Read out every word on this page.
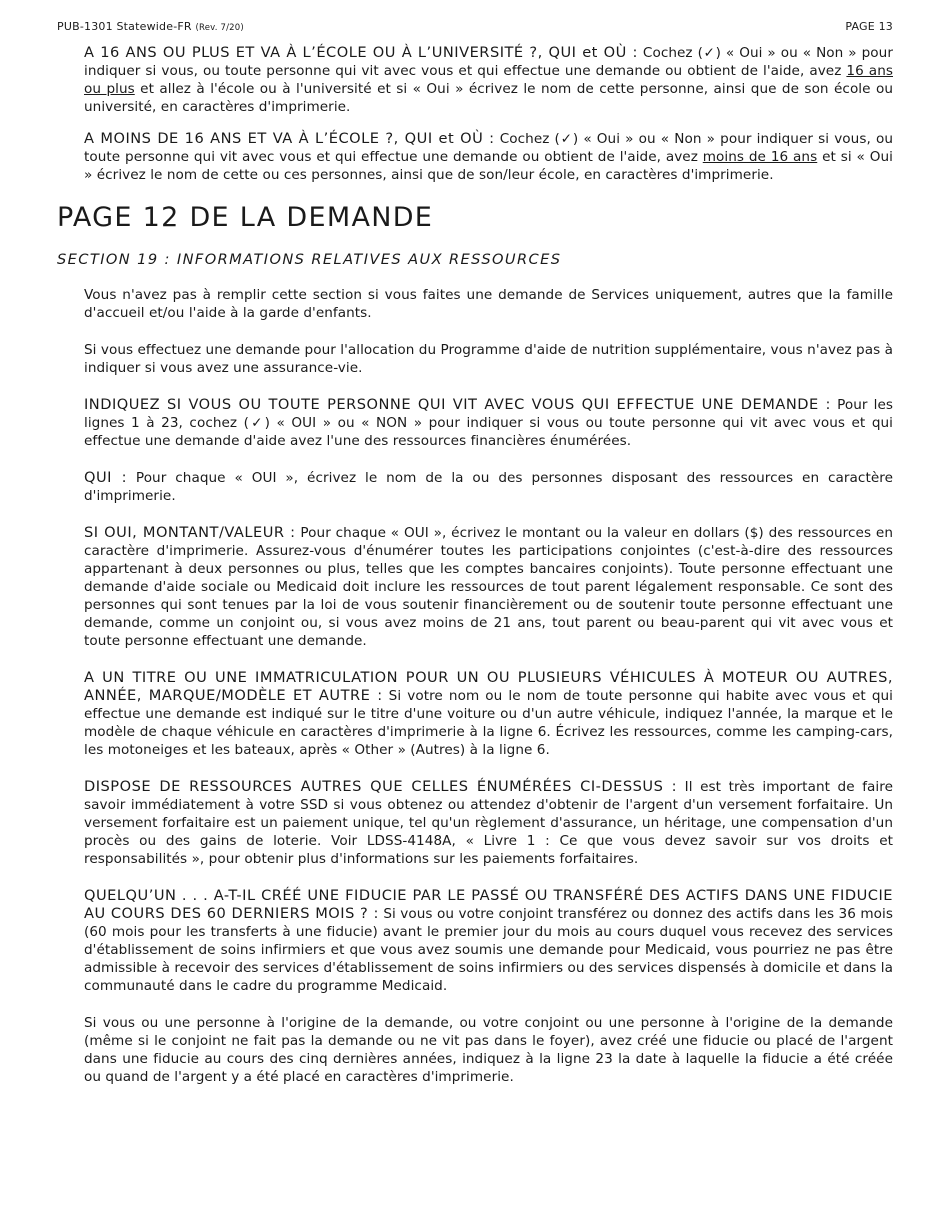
PUB-1301 Statewide-FR (Rev. 7/20)	PAGE 13

A 16 ANS OU PLUS ET VA À L’ÉCOLE OU À L’UNIVERSITÉ ?, QUI et OÙ : Cochez (✓) « Oui » ou « Non » pour indiquer si vous, ou toute personne qui vit avec vous et qui effectue une demande ou obtient de l'aide, avez 16 ans ou plus et allez à l'école ou à l'université et si « Oui » écrivez le nom de cette personne, ainsi que de son école ou université, en caractères d'imprimerie.

A MOINS DE 16 ANS ET VA À L’ÉCOLE ?, QUI et OÙ : Cochez (✓) « Oui » ou « Non » pour indiquer si vous, ou toute personne qui vit avec vous et qui effectue une demande ou obtient de l'aide, avez moins de 16 ans et si « Oui » écrivez le nom de cette ou ces personnes, ainsi que de son/leur école, en caractères d'imprimerie.

PAGE 12 DE LA DEMANDE
SECTION 19 : INFORMATIONS RELATIVES AUX RESSOURCES

Vous n'avez pas à remplir cette section si vous faites une demande de Services uniquement, autres que la famille d'accueil et/ou l'aide à la garde d'enfants.

Si vous effectuez une demande pour l'allocation du Programme d'aide de nutrition supplémentaire, vous n'avez pas à indiquer si vous avez une assurance-vie.

INDIQUEZ SI VOUS OU TOUTE PERSONNE QUI VIT AVEC VOUS QUI EFFECTUE UNE DEMANDE : Pour les lignes 1 à 23, cochez (✓) « OUI » ou « NON » pour indiquer si vous ou toute personne qui vit avec vous et qui effectue une demande d'aide avez l'une des ressources financières énumérées.

QUI : Pour chaque « OUI », écrivez le nom de la ou des personnes disposant des ressources en caractère d'imprimerie.

SI OUI, MONTANT/VALEUR : Pour chaque « OUI », écrivez le montant ou la valeur en dollars ($) des ressources en caractère d'imprimerie. Assurez-vous d'énumérer toutes les participations conjointes (c'est-à-dire des ressources appartenant à deux personnes ou plus, telles que les comptes bancaires conjoints). Toute personne effectuant une demande d'aide sociale ou Medicaid doit inclure les ressources de tout parent légalement responsable. Ce sont des personnes qui sont tenues par la loi de vous soutenir financièrement ou de soutenir toute personne effectuant une demande, comme un conjoint ou, si vous avez moins de 21 ans, tout parent ou beau-parent qui vit avec vous et toute personne effectuant une demande.

A UN TITRE OU UNE IMMATRICULATION POUR UN OU PLUSIEURS VÉHICULES À MOTEUR OU AUTRES, ANNÉE, MARQUE/MODÈLE ET AUTRE : Si votre nom ou le nom de toute personne qui habite avec vous et qui effectue une demande est indiqué sur le titre d'une voiture ou d'un autre véhicule, indiquez l'année, la marque et le modèle de chaque véhicule en caractères d'imprimerie à la ligne 6. Écrivez les ressources, comme les camping-cars, les motoneiges et les bateaux, après « Other » (Autres) à la ligne 6.

DISPOSE DE RESSOURCES AUTRES QUE CELLES ÉNUMÉRÉES CI-DESSUS : Il est très important de faire savoir immédiatement à votre SSD si vous obtenez ou attendez d'obtenir de l'argent d'un versement forfaitaire. Un versement forfaitaire est un paiement unique, tel qu'un règlement d'assurance, un héritage, une compensation d'un procès ou des gains de loterie. Voir LDSS-4148A, « Livre 1 : Ce que vous devez savoir sur vos droits et responsabilités », pour obtenir plus d'informations sur les paiements forfaitaires.

QUELQU’UN . . . A-T-IL CRÉÉ UNE FIDUCIE PAR LE PASSÉ OU TRANSFÉRÉ DES ACTIFS DANS UNE FIDUCIE AU COURS DES 60 DERNIERS MOIS ? : Si vous ou votre conjoint transférez ou donnez des actifs dans les 36 mois (60 mois pour les transferts à une fiducie) avant le premier jour du mois au cours duquel vous recevez des services d'établissement de soins infirmiers et que vous avez soumis une demande pour Medicaid, vous pourriez ne pas être admissible à recevoir des services d'établissement de soins infirmiers ou des services dispensés à domicile et dans la communauté dans le cadre du programme Medicaid.

Si vous ou une personne à l'origine de la demande, ou votre conjoint ou une personne à l'origine de la demande (même si le conjoint ne fait pas la demande ou ne vit pas dans le foyer), avez créé une fiducie ou placé de l'argent dans une fiducie au cours des cinq dernières années, indiquez à la ligne 23 la date à laquelle la fiducie a été créée ou quand de l'argent y a été placé en caractères d'imprimerie.
